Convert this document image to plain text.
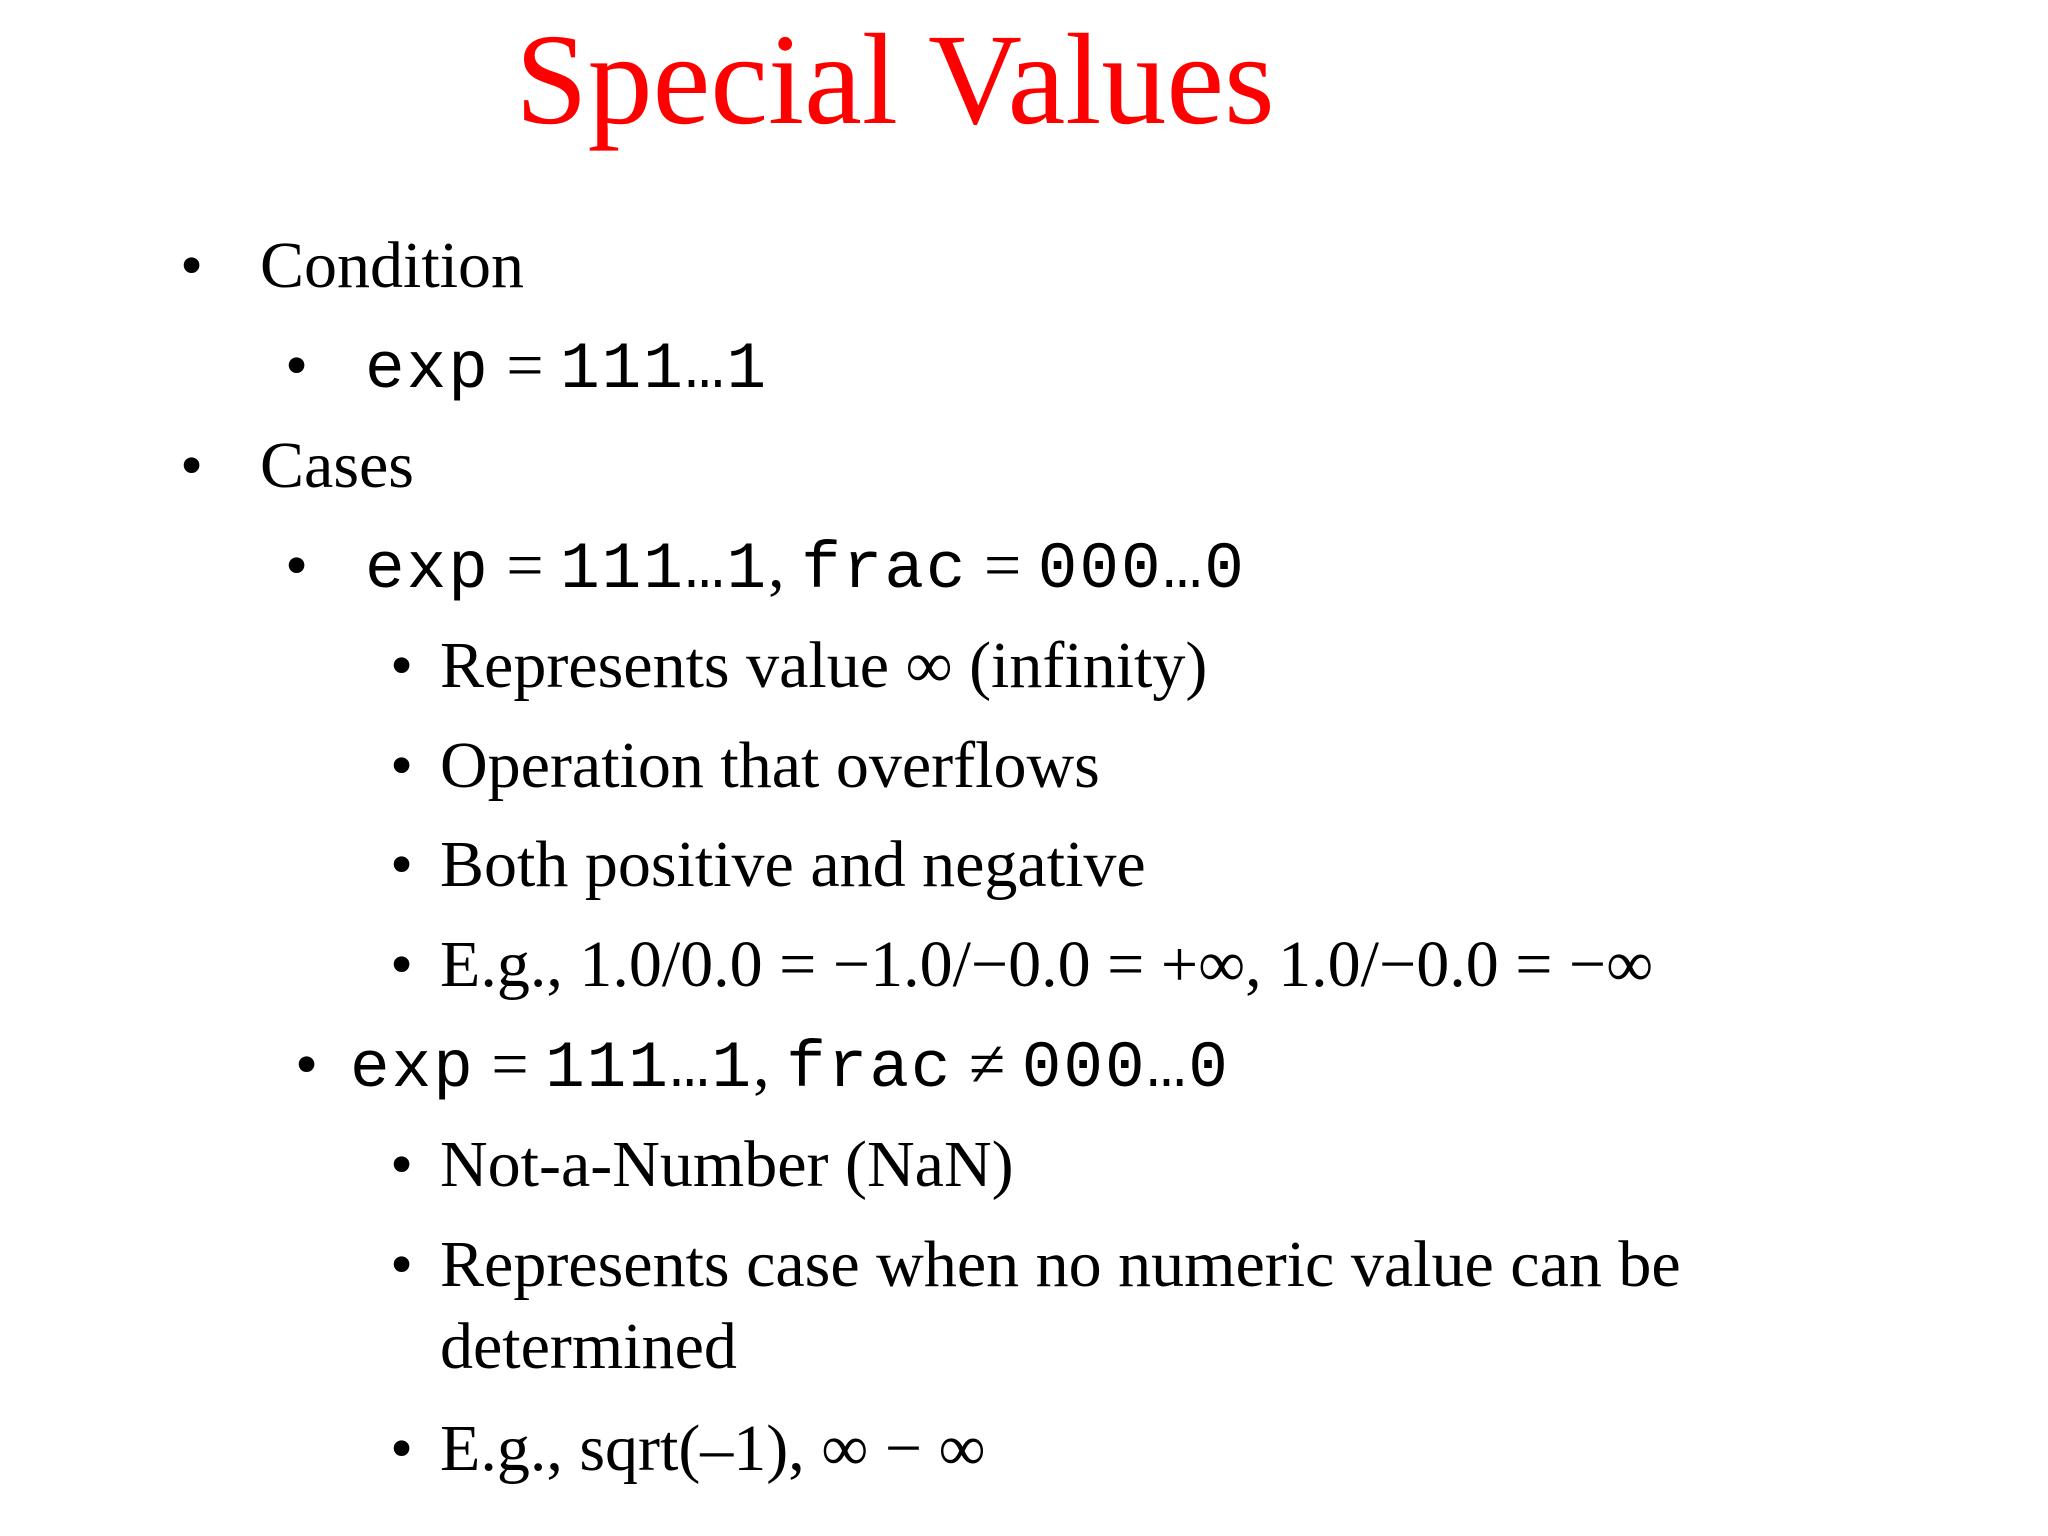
Special Values
• Condition
• exp = 111…1
• Cases
• exp = 111…1, frac = 000…0
• Represents value ∞ (infinity)
• Operation that overflows
• Both positive and negative
• E.g., 1.0/0.0 = −1.0/−0.0 = +∞, 1.0/−0.0 = −∞
• exp = 111…1, frac ≠ 000…0
• Not-a-Number (NaN)
• Represents case when no numeric value can be
determined
• E.g., sqrt(–1), ∞ − ∞
